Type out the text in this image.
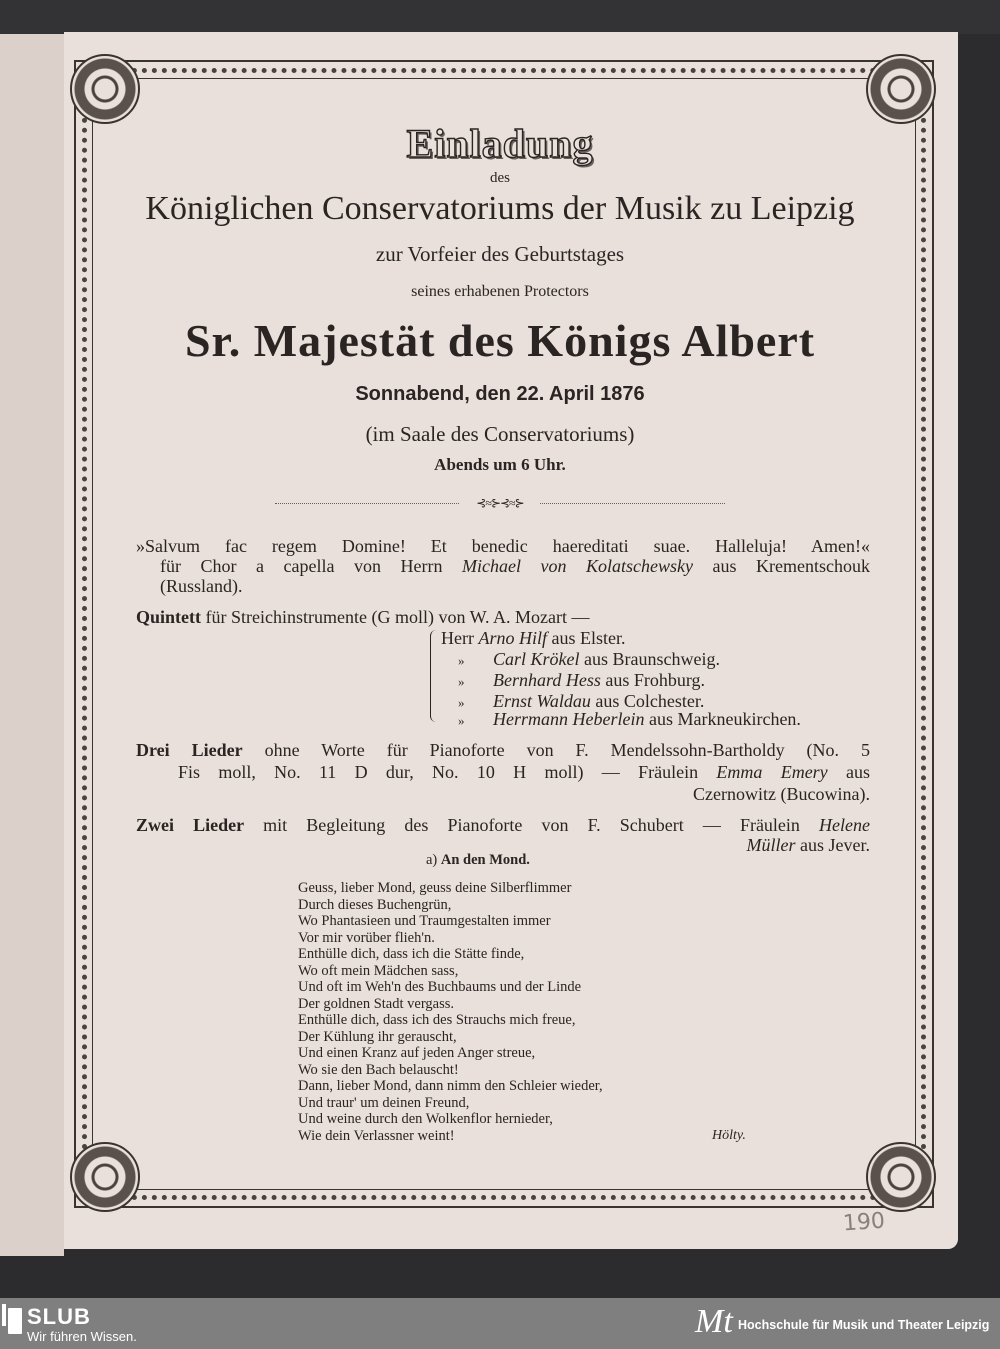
Einladung
des
Königlichen Conservatoriums der Musik zu Leipzig
zur Vorfeier des Geburtstages
seines erhabenen Protectors
Sr. Majestät des Königs Albert
Sonnabend, den 22. April 1876
(im Saale des Conservatoriums)
Abends um 6 Uhr.
⊰≈⊱⊰≈⊱
»Salvum fac regem Domine! Et benedic haereditati suae. Halleluja! Amen!«
für Chor a capella von Herrn Michael von Kolatschewsky aus Krementschouk
(Russland).
Quintett für Streichinstrumente (G moll) von W. A. Mozart —
Herr Arno Hilf aus Elster.
»Carl Krökel aus Braunschweig.
»Bernhard Hess aus Frohburg.
»Ernst Waldau aus Colchester.
»Herrmann Heberlein aus Markneukirchen.
Drei Lieder ohne Worte für Pianoforte von F. Mendelssohn-Bartholdy (No. 5
Fis moll, No. 11 D dur, No. 10 H moll) — Fräulein Emma Emery aus
Czernowitz (Bucowina).
Zwei Lieder mit Begleitung des Pianoforte von F. Schubert — Fräulein Helene
Müller aus Jever.
a) An den Mond.
Geuss, lieber Mond, geuss deine Silberflimmer
Durch dieses Buchengrün,
Wo Phantasieen und Traumgestalten immer
Vor mir vorüber flieh'n.
Enthülle dich, dass ich die Stätte finde,
Wo oft mein Mädchen sass,
Und oft im Weh'n des Buchbaums und der Linde
Der goldnen Stadt vergass.
Enthülle dich, dass ich des Strauchs mich freue,
Der Kühlung ihr gerauscht,
Und einen Kranz auf jeden Anger streue,
Wo sie den Bach belauscht!
Dann, lieber Mond, dann nimm den Schleier wieder,
Und traur' um deinen Freund,
Und weine durch den Wolkenflor hernieder,
Wie dein Verlassner weint!	Hölty.
190
SLUB
Wir führen Wissen.	Mt Hochschule für Musik und Theater Leipzig
